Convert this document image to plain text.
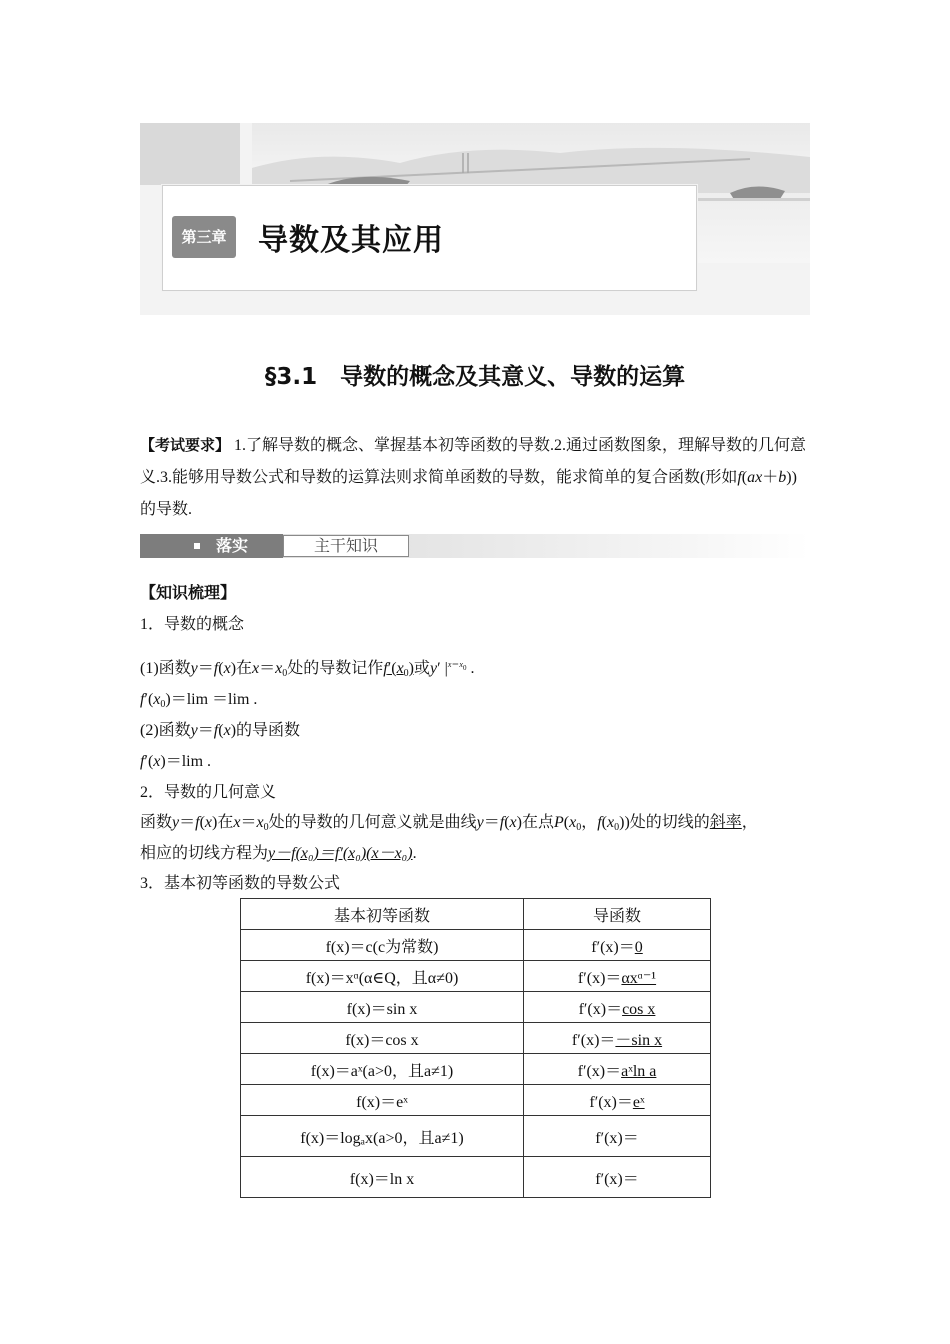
第三章	导数及其应用
§3.1　导数的概念及其意义、导数的运算
【考试要求】 1.了解导数的概念、掌握基本初等函数的导数.2.通过函数图象，理解导数的几何意义.3.能够用导数公式和导数的运算法则求简单函数的导数，能求简单的复合函数(形如f(ax＋b))的导数.
落实	主干知识
【知识梳理】
1．导数的概念
(1)函数y＝f(x)在$x=x_0$处的导数记作$f'(x_0)$或y′ $|^{x=x_0}$ .
$f'(x_0)=\lim =\lim$ .
(2)函数y＝f(x)的导函数
f′(x)＝lim .
2．导数的几何意义
函数y＝f(x)在$x=x_0$处的导数的几何意义就是曲线y＝f(x)在点$P(x_0$，$f(x_0)$)处的切线的斜率，
相应的切线方程为y－f(x₀)＝f′(x₀)(x－x₀).
3．基本初等函数的导数公式
基本初等函数	导函数
f(x)＝c(c为常数)	f′(x)＝0
f(x)＝xᵅ(α∈Q，且α≠0)	f′(x)＝αxᵅ⁻¹
f(x)＝sin x	f′(x)＝cos x
f(x)＝cos x	f′(x)＝－sin x
f(x)＝aˣ(a>0，且a≠1)	f′(x)＝aˣln a
f(x)＝eˣ	f′(x)＝eˣ
f(x)＝logₐx(a>0，且a≠1)	f′(x)＝
f(x)＝ln x	f′(x)＝
